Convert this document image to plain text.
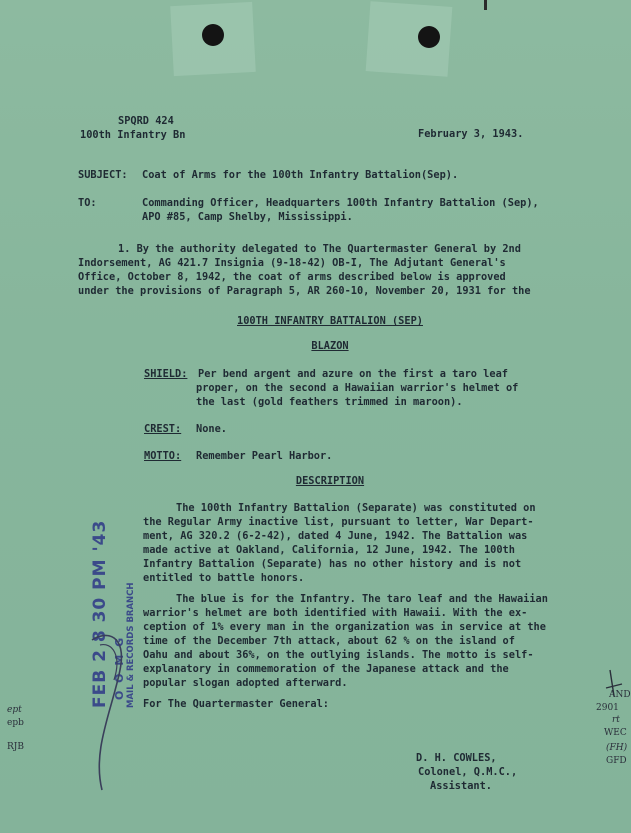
SPQRD 424
100th Infantry Bn	February 3, 1943.
SUBJECT: Coat of Arms for the 100th Infantry Battalion(Sep).
TO:	Commanding Officer, Headquarters 100th Infantry Battalion (Sep),
APO #85, Camp Shelby, Mississippi.
1. By the authority delegated to The Quartermaster General by 2nd
Indorsement, AG 421.7 Insignia (9-18-42) OB-I, The Adjutant General's
Office, October 8, 1942, the coat of arms described below is approved
under the provisions of Paragraph 5, AR 260-10, November 20, 1931 for the
100TH INFANTRY BATTALION (SEP)
BLAZON
SHIELD: Per bend argent and azure on the first a taro leaf
proper, on the second a Hawaiian warrior's helmet of
the last (gold feathers trimmed in maroon).
CREST: None.
MOTTO: Remember Pearl Harbor.
DESCRIPTION
The 100th Infantry Battalion (Separate) was constituted on
the Regular Army inactive list, pursuant to letter, War Depart-
ment, AG 320.2 (6-2-42), dated 4 June, 1942. The Battalion was
made active at Oakland, California, 12 June, 1942. The 100th
Infantry Battalion (Separate) has no other history and is not
entitled to battle honors.
The blue is for the Infantry. The taro leaf and the Hawaiian
warrior's helmet are both identified with Hawaii. With the ex-
ception of 1% every man in the organization was in service at the
time of the December 7th attack, about 62 % on the island of
Oahu and about 36%, on the outlying islands. The motto is self-
explanatory in commemoration of the Japanese attack and the
popular slogan adopted afterward.
For The Quartermaster General:
D. H. COWLES,
Colonel, Q.M.C.,
Assistant.
FEB 2 8 30 PM '43 O O M G MAIL & RECORDS BRANCH
ept
epb
RJB
AND
2901
rt
WEC
(FH)
GFD
